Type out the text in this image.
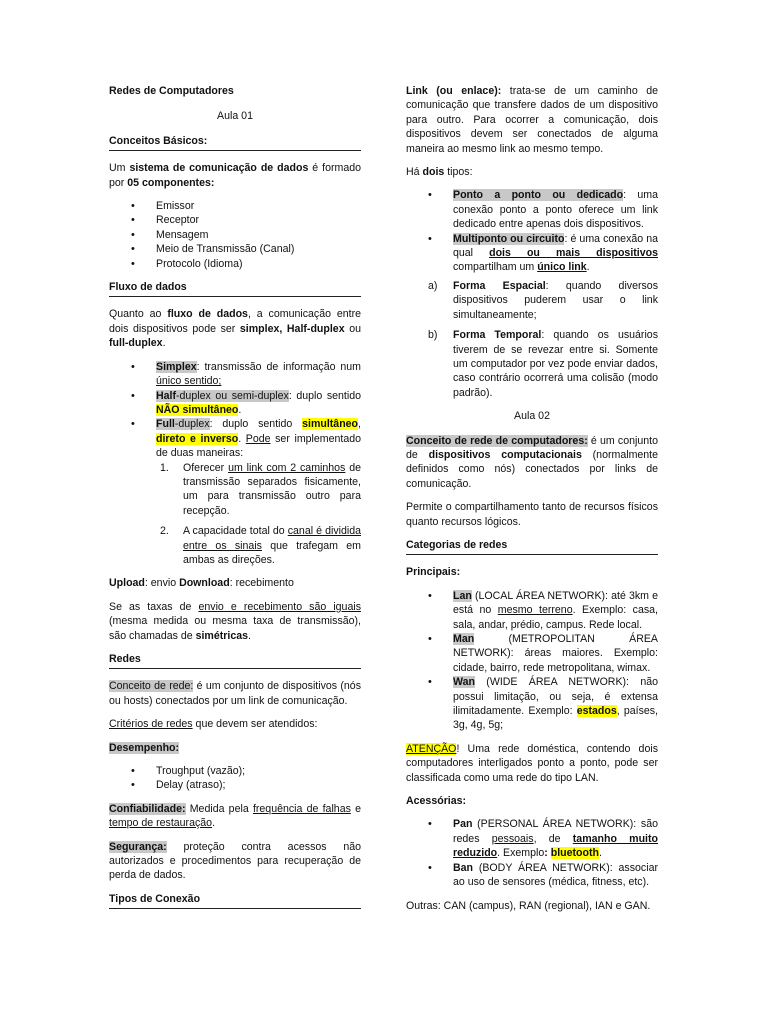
Redes de Computadores

Aula 01

Conceitos Básicos:

Um sistema de comunicação de dados é formado por 05 componentes:

• Emissor
• Receptor
• Mensagem
• Meio de Transmissão (Canal)
• Protocolo (Idioma)
Fluxo de dados

Quanto ao fluxo de dados, a comunicação entre dois dispositivos pode ser simplex, Half-duplex ou full-duplex.

• Simplex: transmissão de informação num único sentido;
• Half-duplex ou semi-duplex: duplo sentido NÃO simultâneo.
• Full-duplex: duplo sentido simultâneo, direto e inverso. Pode ser implementado de duas maneiras:
1. Oferecer um link com 2 caminhos de transmissão separados fisicamente, um para transmissão outro para recepção.
2. A capacidade total do canal é dividida entre os sinais que trafegam em ambas as direções.

Upload: envio Download: recebimento

Se as taxas de envio e recebimento são iguais (mesma medida ou mesma taxa de transmissão), são chamadas de simétricas.

Redes

Conceito de rede: é um conjunto de dispositivos (nós ou hosts) conectados por um link de comunicação.

Critérios de redes que devem ser atendidos:

Desempenho:

• Troughput (vazão);
• Delay (atraso);

Confiabilidade: Medida pela frequência de falhas e tempo de restauração.

Segurança: proteção contra acessos não autorizados e procedimentos para recuperação de perda de dados.

Tipos de Conexão

Link (ou enlace): trata-se de um caminho de comunicação que transfere dados de um dispositivo para outro. Para ocorrer a comunicação, dois dispositivos devem ser conectados de alguma maneira ao mesmo link ao mesmo tempo.

Há dois tipos:

• Ponto a ponto ou dedicado: uma conexão ponto a ponto oferece um link dedicado entre apenas dois dispositivos.
• Multiponto ou circuito: é uma conexão na qual dois ou mais dispositivos compartilham um único link.
a) Forma Espacial: quando diversos dispositivos puderem usar o link simultaneamente;
b) Forma Temporal: quando os usuários tiverem de se revezar entre si. Somente um computador por vez pode enviar dados, caso contrário ocorrerá uma colisão (modo padrão).

Aula 02

Conceito de rede de computadores: é um conjunto de dispositivos computacionais (normalmente definidos como nós) conectados por links de comunicação.

Permite o compartilhamento tanto de recursos físicos quanto recursos lógicos.

Categorias de redes

Principais:

• Lan (LOCAL ÁREA NETWORK): até 3km e está no mesmo terreno. Exemplo: casa, sala, andar, prédio, campus. Rede local.
• Man (METROPOLITAN ÁREA NETWORK): áreas maiores. Exemplo: cidade, bairro, rede metropolitana, wimax.
• Wan (WIDE ÁREA NETWORK): não possui limitação, ou seja, é extensa ilimitadamente. Exemplo: estados, países, 3g, 4g, 5g;

ATENÇÃO! Uma rede doméstica, contendo dois computadores interligados ponto a ponto, pode ser classificada como uma rede do tipo LAN.

Acessórias:

• Pan (PERSONAL ÁREA NETWORK): são redes pessoais, de tamanho muito reduzido. Exemplo: bluetooth.
• Ban (BODY ÁREA NETWORK): associar ao uso de sensores (médica, fitness, etc).

Outras: CAN (campus), RAN (regional), IAN e GAN.
